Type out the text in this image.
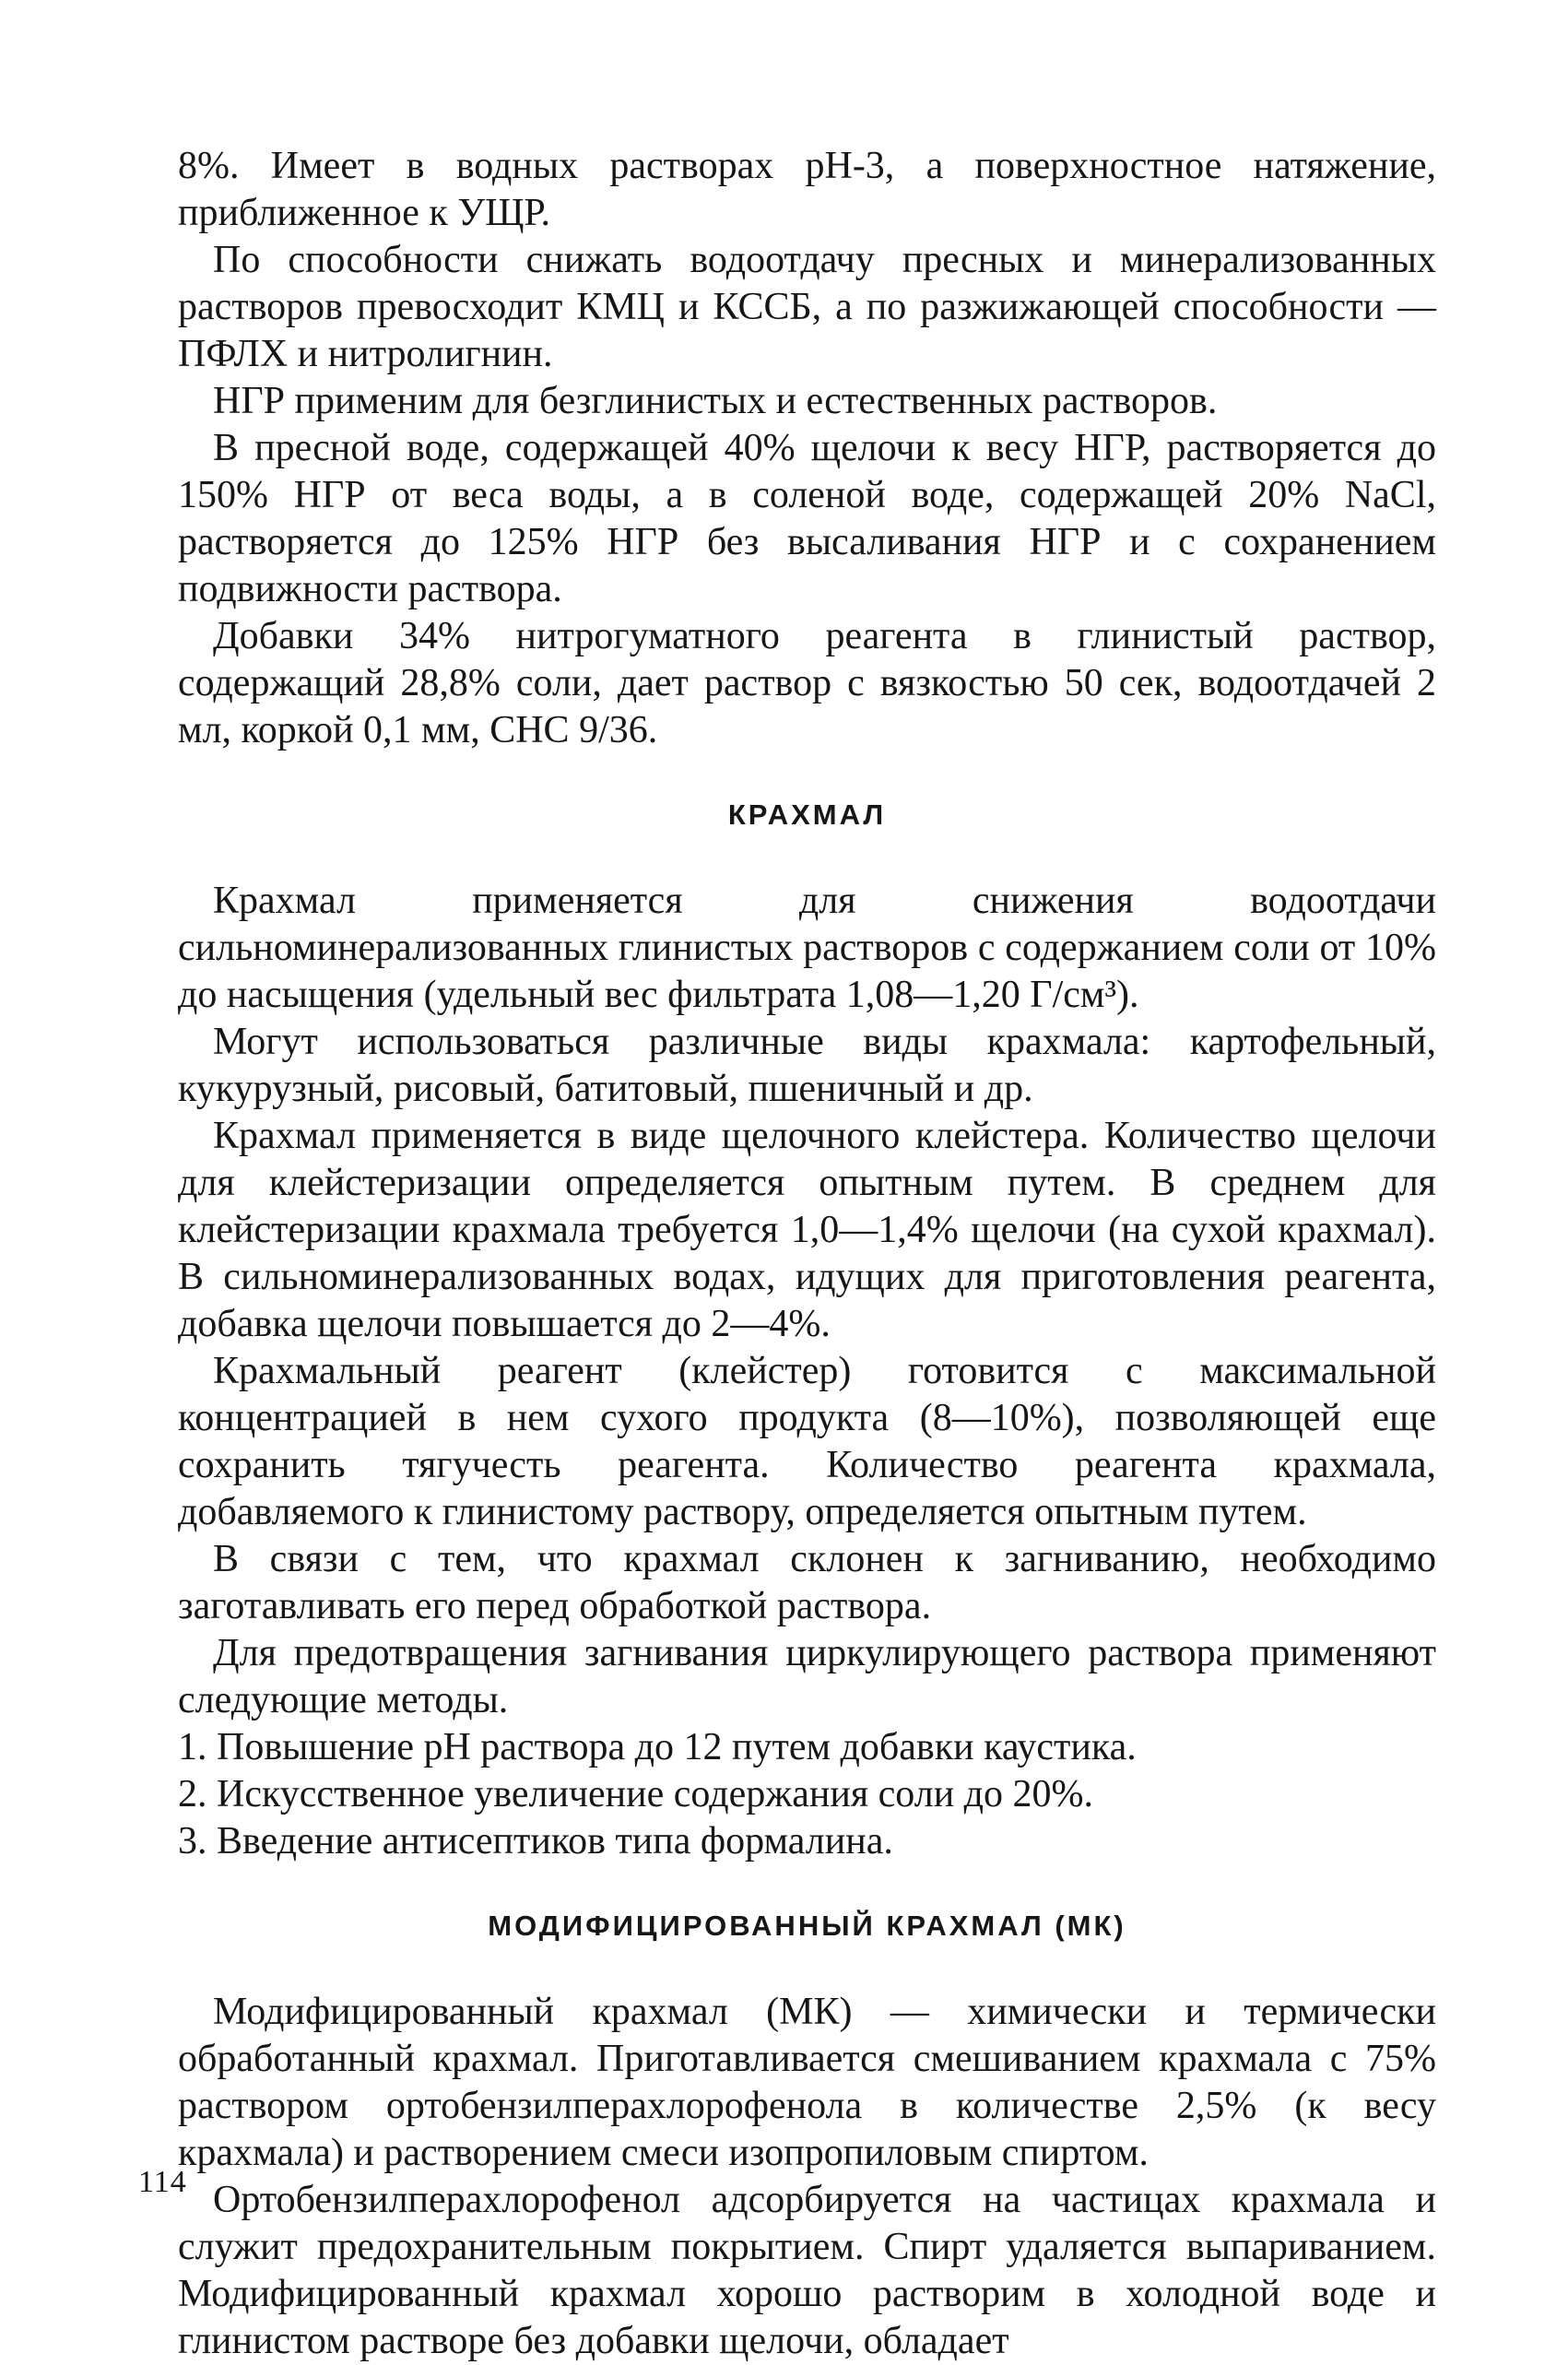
8%. Имеет в водных растворах pH-3, а поверхностное натяжение, приближенное к УЩР.

По способности снижать водоотдачу пресных и минерализованных растворов превосходит КМЦ и КССБ, а по разжижающей способности — ПФЛХ и нитролигнин.

НГР применим для безглинистых и естественных растворов.

В пресной воде, содержащей 40% щелочи к весу НГР, растворяется до 150% НГР от веса воды, а в соленой воде, содержащей 20% NaCl, растворяется до 125% НГР без высаливания НГР и с сохранением подвижности раствора.

Добавки 34% нитрогуматного реагента в глинистый раствор, содержащий 28,8% соли, дает раствор с вязкостью 50 сек, водоотдачей 2 мл, коркой 0,1 мм, СНС 9/36.

КРАХМАЛ

Крахмал применяется для снижения водоотдачи сильноминерализованных глинистых растворов с содержанием соли от 10% до насыщения (удельный вес фильтрата 1,08—1,20 Г/см³).

Могут использоваться различные виды крахмала: картофельный, кукурузный, рисовый, батитовый, пшеничный и др.

Крахмал применяется в виде щелочного клейстера. Количество щелочи для клейстеризации определяется опытным путем. В среднем для клейстеризации крахмала требуется 1,0—1,4% щелочи (на сухой крахмал). В сильноминерализованных водах, идущих для приготовления реагента, добавка щелочи повышается до 2—4%.

Крахмальный реагент (клейстер) готовится с максимальной концентрацией в нем сухого продукта (8—10%), позволяющей еще сохранить тягучесть реагента. Количество реагента крахмала, добавляемого к глинистому раствору, определяется опытным путем.

В связи с тем, что крахмал склонен к загниванию, необходимо заготавливать его перед обработкой раствора.

Для предотвращения загнивания циркулирующего раствора применяют следующие методы.

1. Повышение pH раствора до 12 путем добавки каустика.

2. Искусственное увеличение содержания соли до 20%.

3. Введение антисептиков типа формалина.

МОДИФИЦИРОВАННЫЙ КРАХМАЛ (МК)

Модифицированный крахмал (МК) — химически и термически обработанный крахмал. Приготавливается смешиванием крахмала с 75% раствором ортобензилперахлорофенола в количестве 2,5% (к весу крахмала) и растворением смеси изопропиловым спиртом.

Ортобензилперахлорофенол адсорбируется на частицах крахмала и служит предохранительным покрытием. Спирт удаляется выпариванием. Модифицированный крахмал хорошо растворим в холодной воде и глинистом растворе без добавки щелочи, обладает

114
